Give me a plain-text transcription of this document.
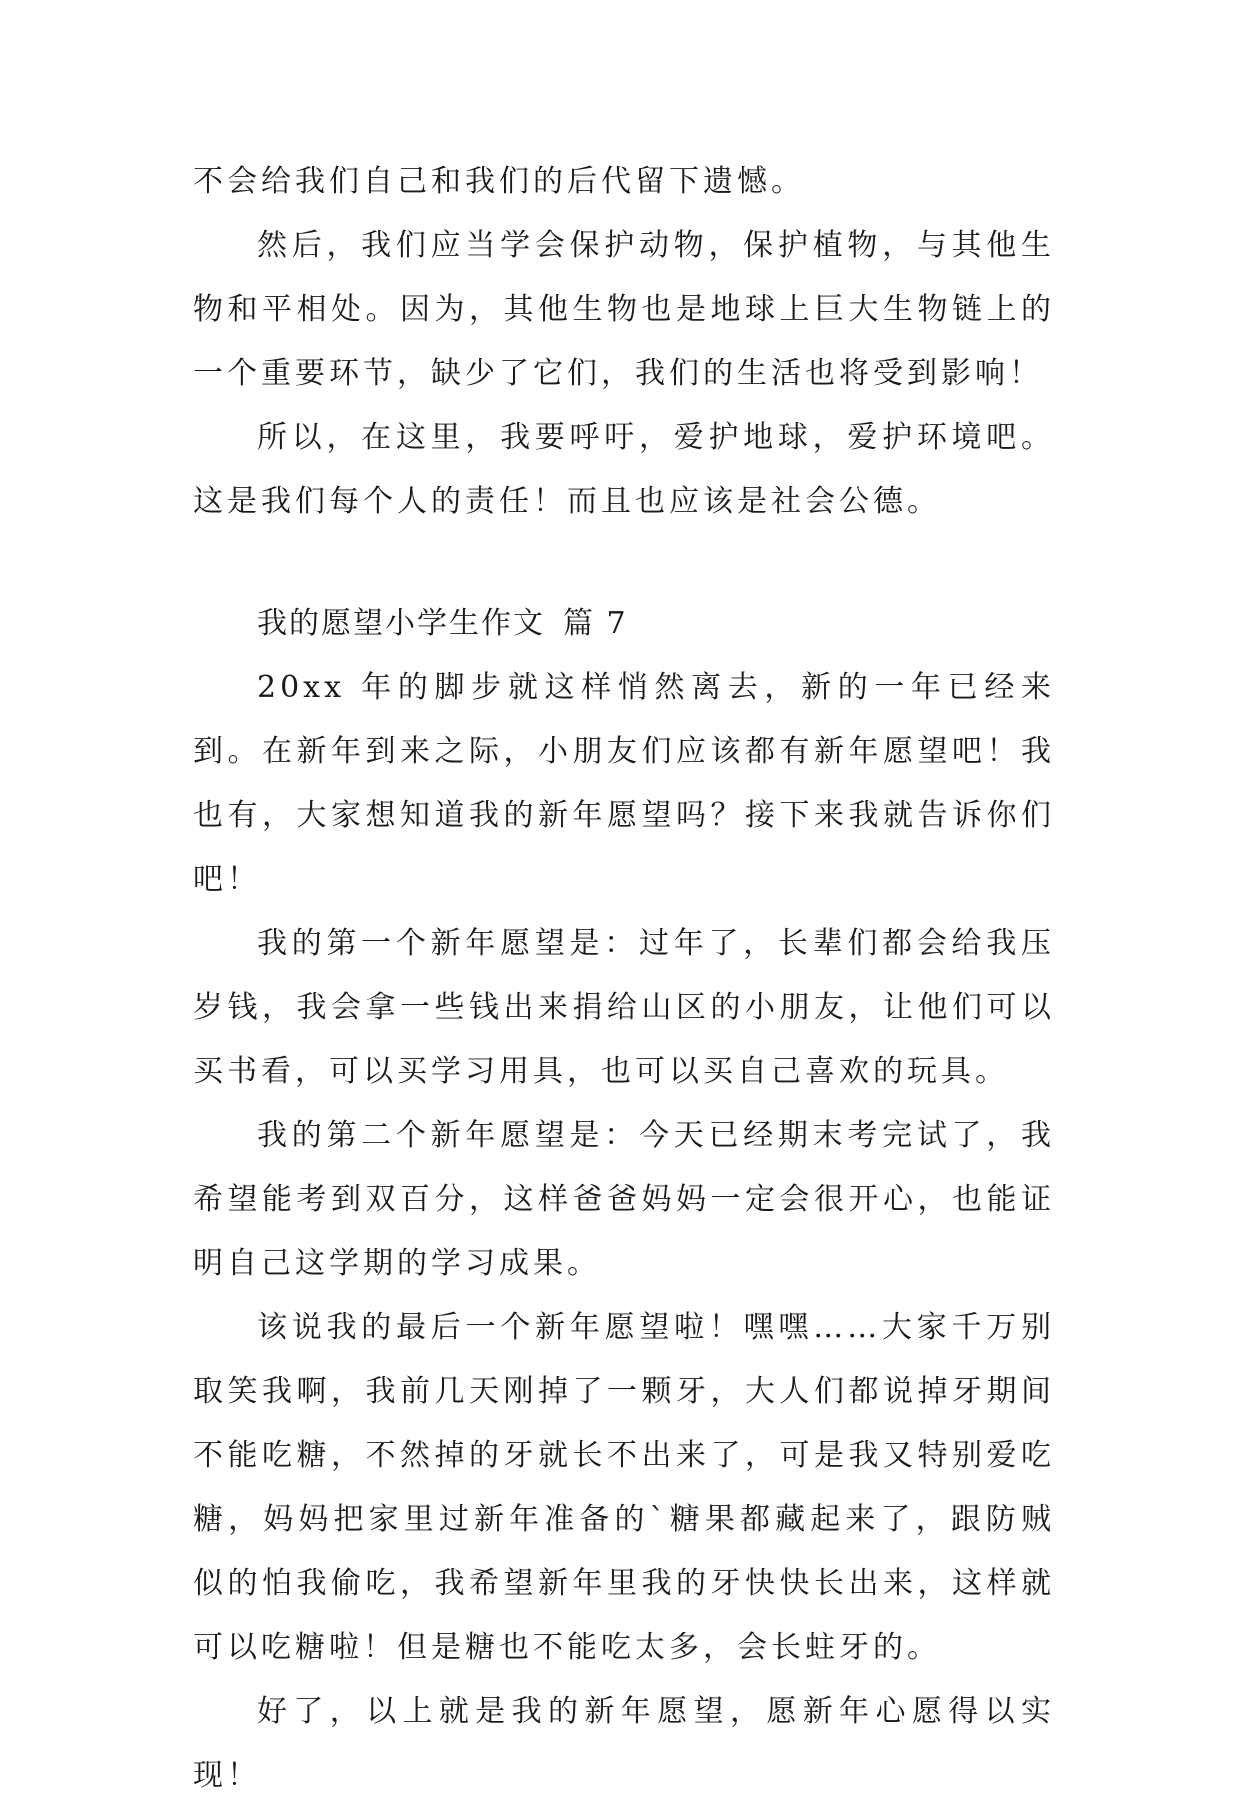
不会给我们自己和我们的后代留下遗憾。

然后，我们应当学会保护动物，保护植物，与其他生物和平相处。因为，其他生物也是地球上巨大生物链上的一个重要环节，缺少了它们，我们的生活也将受到影响！

所以，在这里，我要呼吁，爱护地球，爱护环境吧。这是我们每个人的责任！而且也应该是社会公德。

我的愿望小学生作文 篇 7

20xx 年的脚步就这样悄然离去，新的一年已经来到。在新年到来之际，小朋友们应该都有新年愿望吧！我也有，大家想知道我的新年愿望吗？接下来我就告诉你们吧！

我的第一个新年愿望是：过年了，长辈们都会给我压岁钱，我会拿一些钱出来捐给山区的小朋友，让他们可以买书看，可以买学习用具，也可以买自己喜欢的玩具。

我的第二个新年愿望是：今天已经期末考完试了，我希望能考到双百分，这样爸爸妈妈一定会很开心，也能证明自己这学期的学习成果。

该说我的最后一个新年愿望啦！嘿嘿……大家千万别取笑我啊，我前几天刚掉了一颗牙，大人们都说掉牙期间不能吃糖，不然掉的牙就长不出来了，可是我又特别爱吃糖，妈妈把家里过新年准备的`糖果都藏起来了，跟防贼似的怕我偷吃，我希望新年里我的牙快快长出来，这样就可以吃糖啦！但是糖也不能吃太多，会长蛀牙的。

好了，以上就是我的新年愿望，愿新年心愿得以实现！
